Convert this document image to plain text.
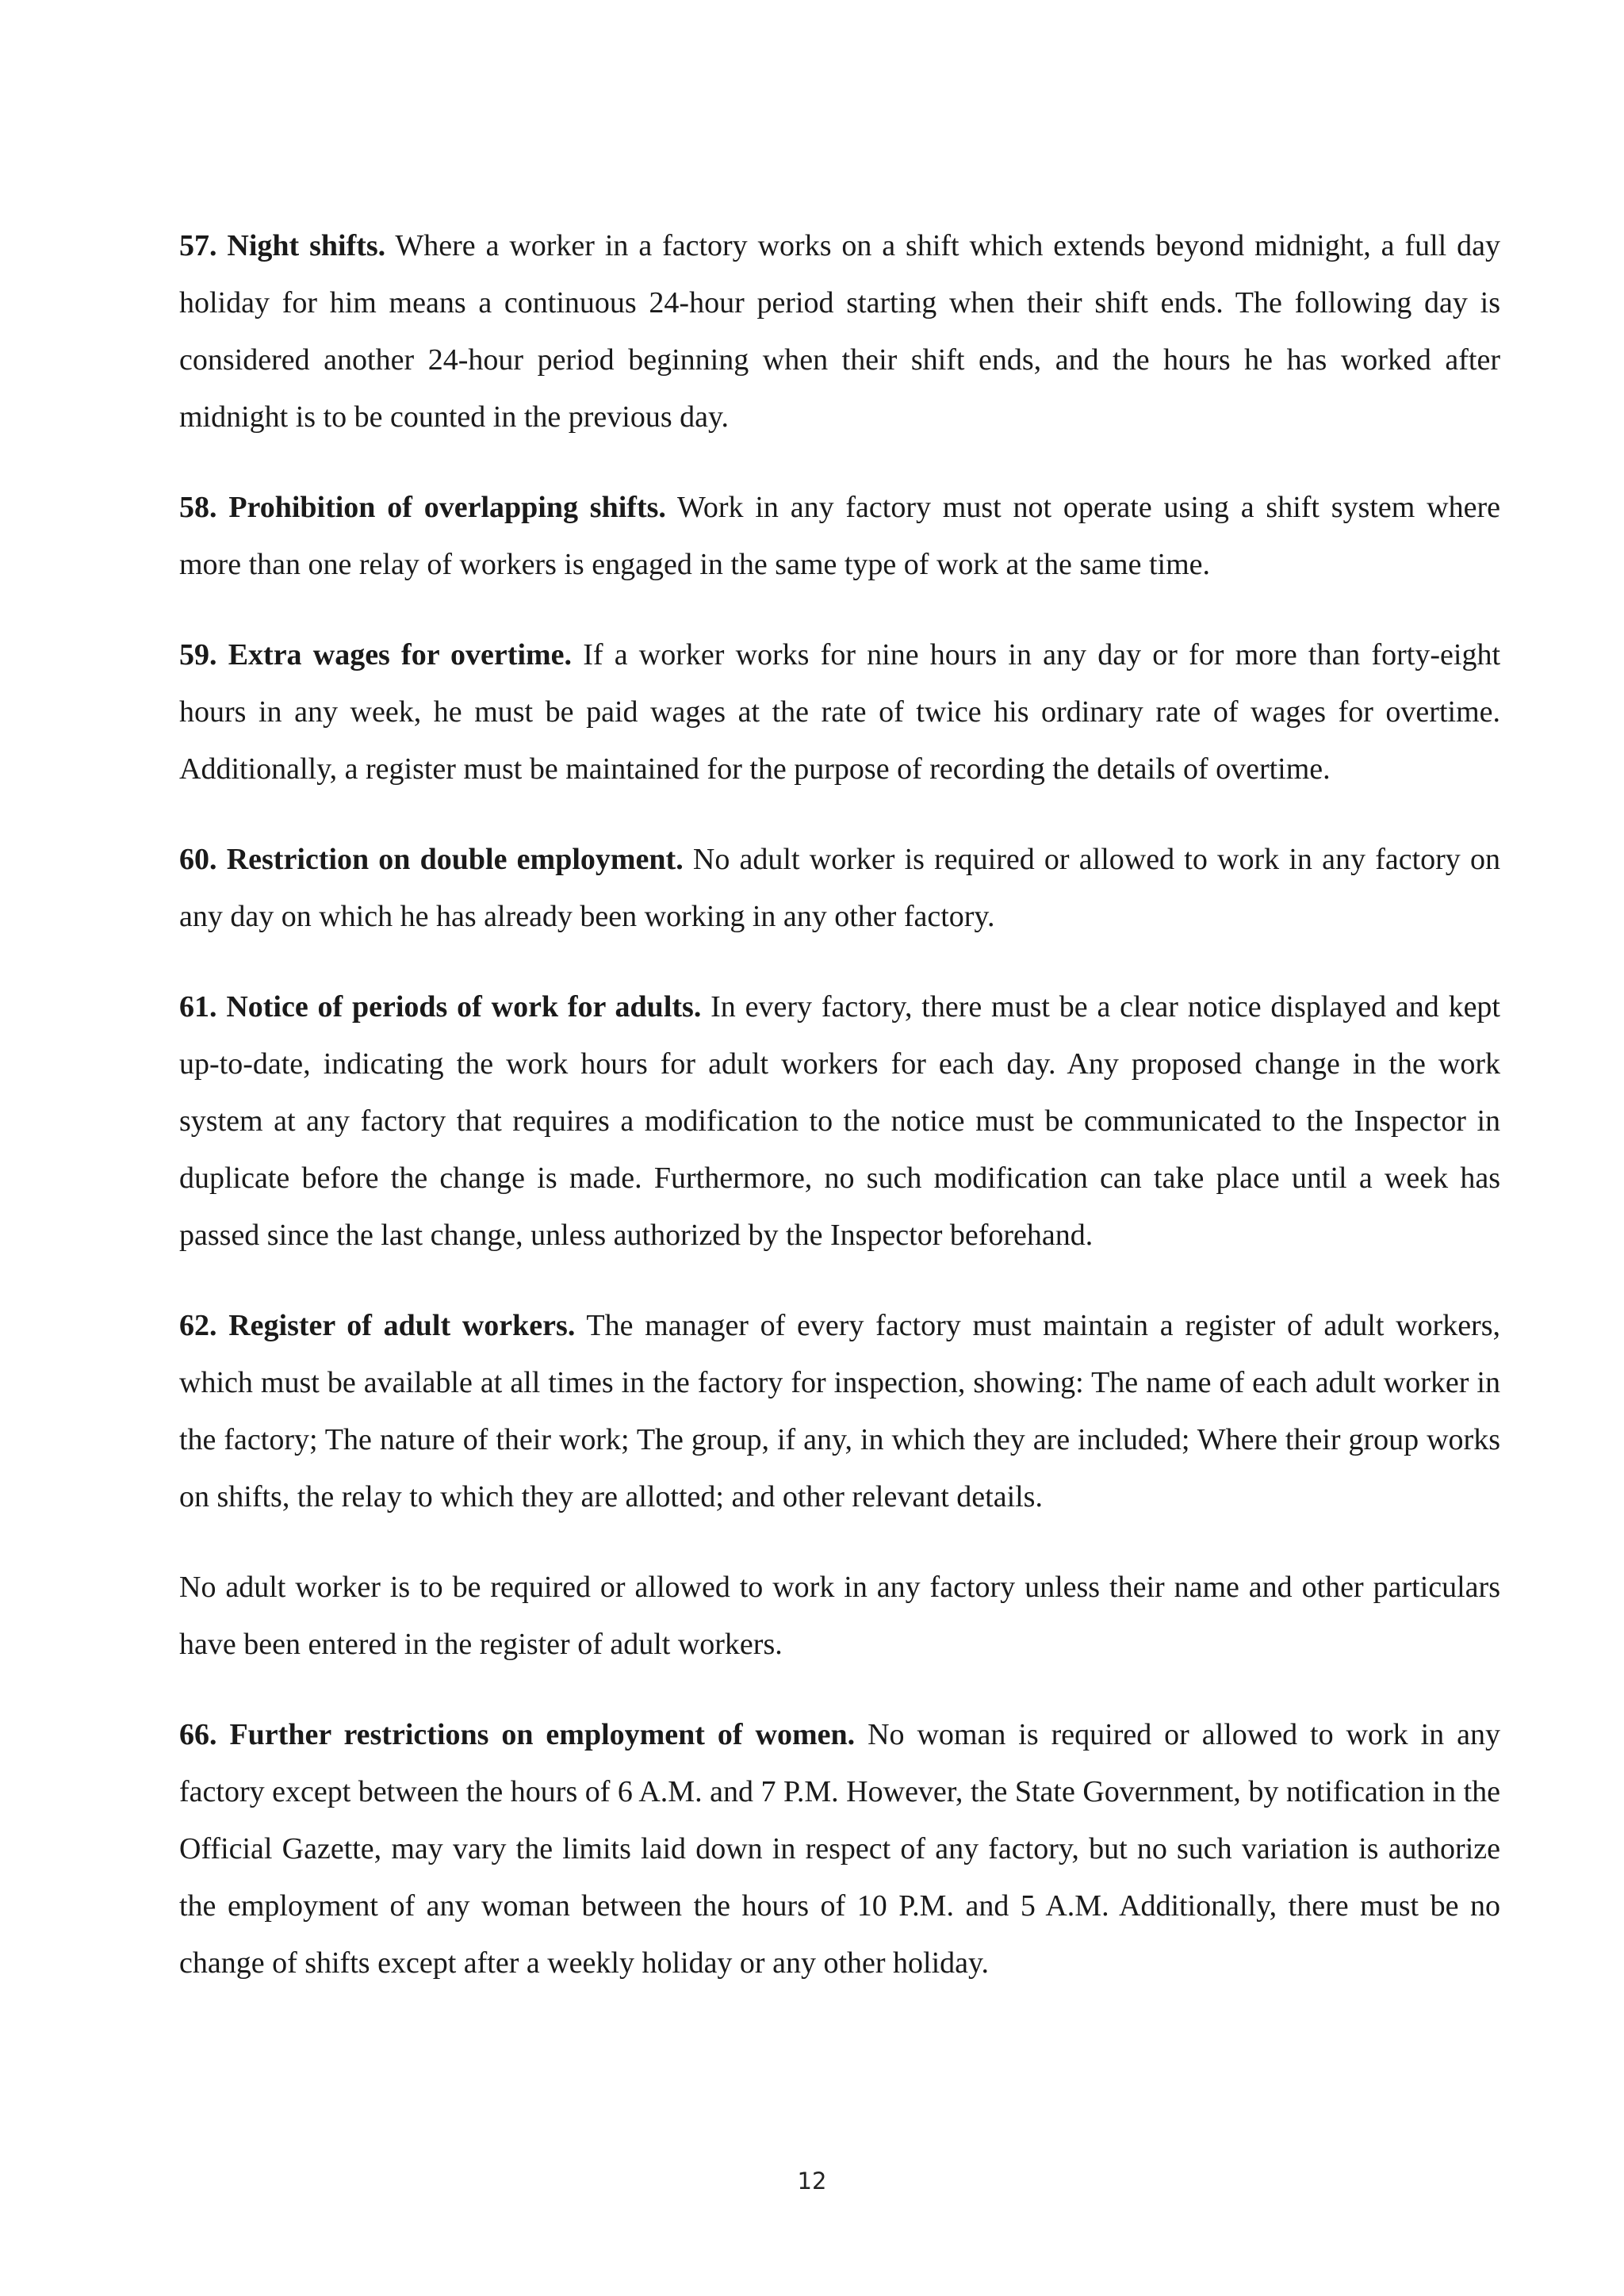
57. Night shifts. Where a worker in a factory works on a shift which extends beyond midnight, a full day holiday for him means a continuous 24-hour period starting when their shift ends. The following day is considered another 24-hour period beginning when their shift ends, and the hours he has worked after midnight is to be counted in the previous day.

58. Prohibition of overlapping shifts. Work in any factory must not operate using a shift system where more than one relay of workers is engaged in the same type of work at the same time.

59. Extra wages for overtime. If a worker works for nine hours in any day or for more than forty-eight hours in any week, he must be paid wages at the rate of twice his ordinary rate of wages for overtime. Additionally, a register must be maintained for the purpose of recording the details of overtime.

60. Restriction on double employment. No adult worker is required or allowed to work in any factory on any day on which he has already been working in any other factory.

61. Notice of periods of work for adults. In every factory, there must be a clear notice displayed and kept up-to-date, indicating the work hours for adult workers for each day. Any proposed change in the work system at any factory that requires a modification to the notice must be communicated to the Inspector in duplicate before the change is made. Furthermore, no such modification can take place until a week has passed since the last change, unless authorized by the Inspector beforehand.

62. Register of adult workers. The manager of every factory must maintain a register of adult workers, which must be available at all times in the factory for inspection, showing: The name of each adult worker in the factory; The nature of their work; The group, if any, in which they are included; Where their group works on shifts, the relay to which they are allotted; and other relevant details.

No adult worker is to be required or allowed to work in any factory unless their name and other particulars have been entered in the register of adult workers.

66. Further restrictions on employment of women. No woman is required or allowed to work in any factory except between the hours of 6 A.M. and 7 P.M. However, the State Government, by notification in the Official Gazette, may vary the limits laid down in respect of any factory, but no such variation is authorize the employment of any woman between the hours of 10 P.M. and 5 A.M. Additionally, there must be no change of shifts except after a weekly holiday or any other holiday.

12
